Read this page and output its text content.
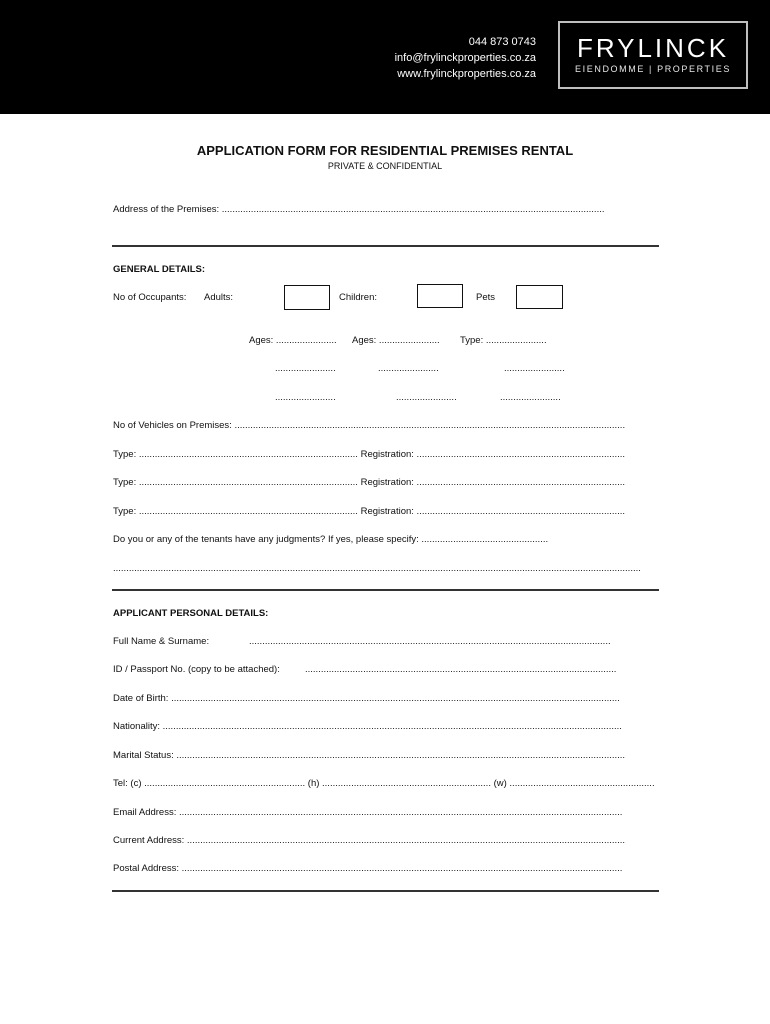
044 873 0743
info@frylinckproperties.co.za
www.frylinckproperties.co.za
FRYLINCK
EIENDOMME | PROPERTIES
APPLICATION FORM FOR RESIDENTIAL PREMISES RENTAL
PRIVATE & CONFIDENTIAL
Address of the Premises: .................................................................................................................................................
GENERAL DETAILS:
No of Occupants: Adults:	Children:	Pets
Ages: ....................... Ages: ....................... Type: .......................
.......................	.......................	.......................
.......................	.......................	.......................
No of Vehicles on Premises: ....................................................................................................................................................
Type: ................................................................................... Registration: ...............................................................................
Type: ................................................................................... Registration: ...............................................................................
Type: ................................................................................... Registration: ...............................................................................
Do you or any of the tenants have any judgments? If yes, please specify: ................................................
........................................................................................................................................................................................................
APPLICANT PERSONAL DETAILS:
Full Name & Surname:	.........................................................................................................................................
ID / Passport No. (copy to be attached):	......................................................................................................................
Date of Birth: ..........................................................................................................................................................................
Nationality: ..............................................................................................................................................................................
Marital Status: ..........................................................................................................................................................................
Tel: (c) ............................................................. (h) ................................................................ (w) .......................................................
Email Address: ........................................................................................................................................................................
Current Address: ......................................................................................................................................................................
Postal Address: .......................................................................................................................................................................
